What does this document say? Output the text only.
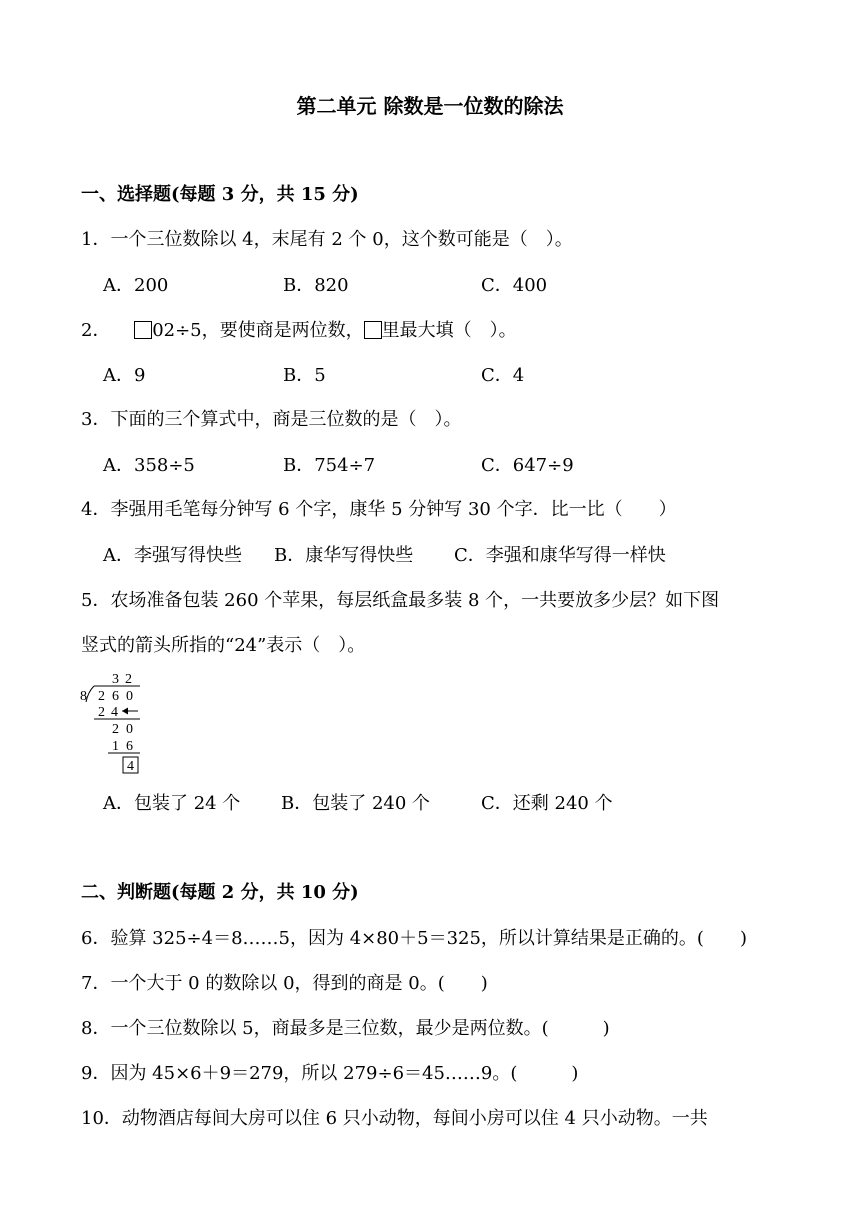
第二单元 除数是一位数的除法
一、选择题(每题 3 分，共 15 分)
1．一个三位数除以 4，末尾有 2 个 0，这个数可能是（　）。
A．200	B．820	C．400
2． 02÷5，要使商是两位数， 里最大填（　）。
A．9	B．5	C．4
3．下面的三个算式中，商是三位数的是（　）。
A．358÷5	B．754÷7	C．647÷9
4．李强用毛笔每分钟写 6 个字，康华 5 分钟写 30 个字．比一比（　　）
A．李强写得快些 B．康华写得快些 C．李强和康华写得一样快
5．农场准备包装 260 个苹果，每层纸盒最多装 8 个，一共要放多少层？如下图
竖式的箭头所指的“24”表示（　）。
3 2
8 2 6 0
2 4
2 0
1 6
4
A．包装了 24 个 B．包装了 240 个	C．还剩 240 个
二、判断题(每题 2 分，共 10 分)
6．验算 325÷4＝8……5，因为 4×80＋5＝325，所以计算结果是正确的。(　　)
7．一个大于 0 的数除以 0，得到的商是 0。(　　)
8．一个三位数除以 5，商最多是三位数，最少是两位数。(　　　)
9．因为 45×6＋9＝279，所以 279÷6＝45……9。(　　　)
10．动物酒店每间大房可以住 6 只小动物，每间小房可以住 4 只小动物。一共
